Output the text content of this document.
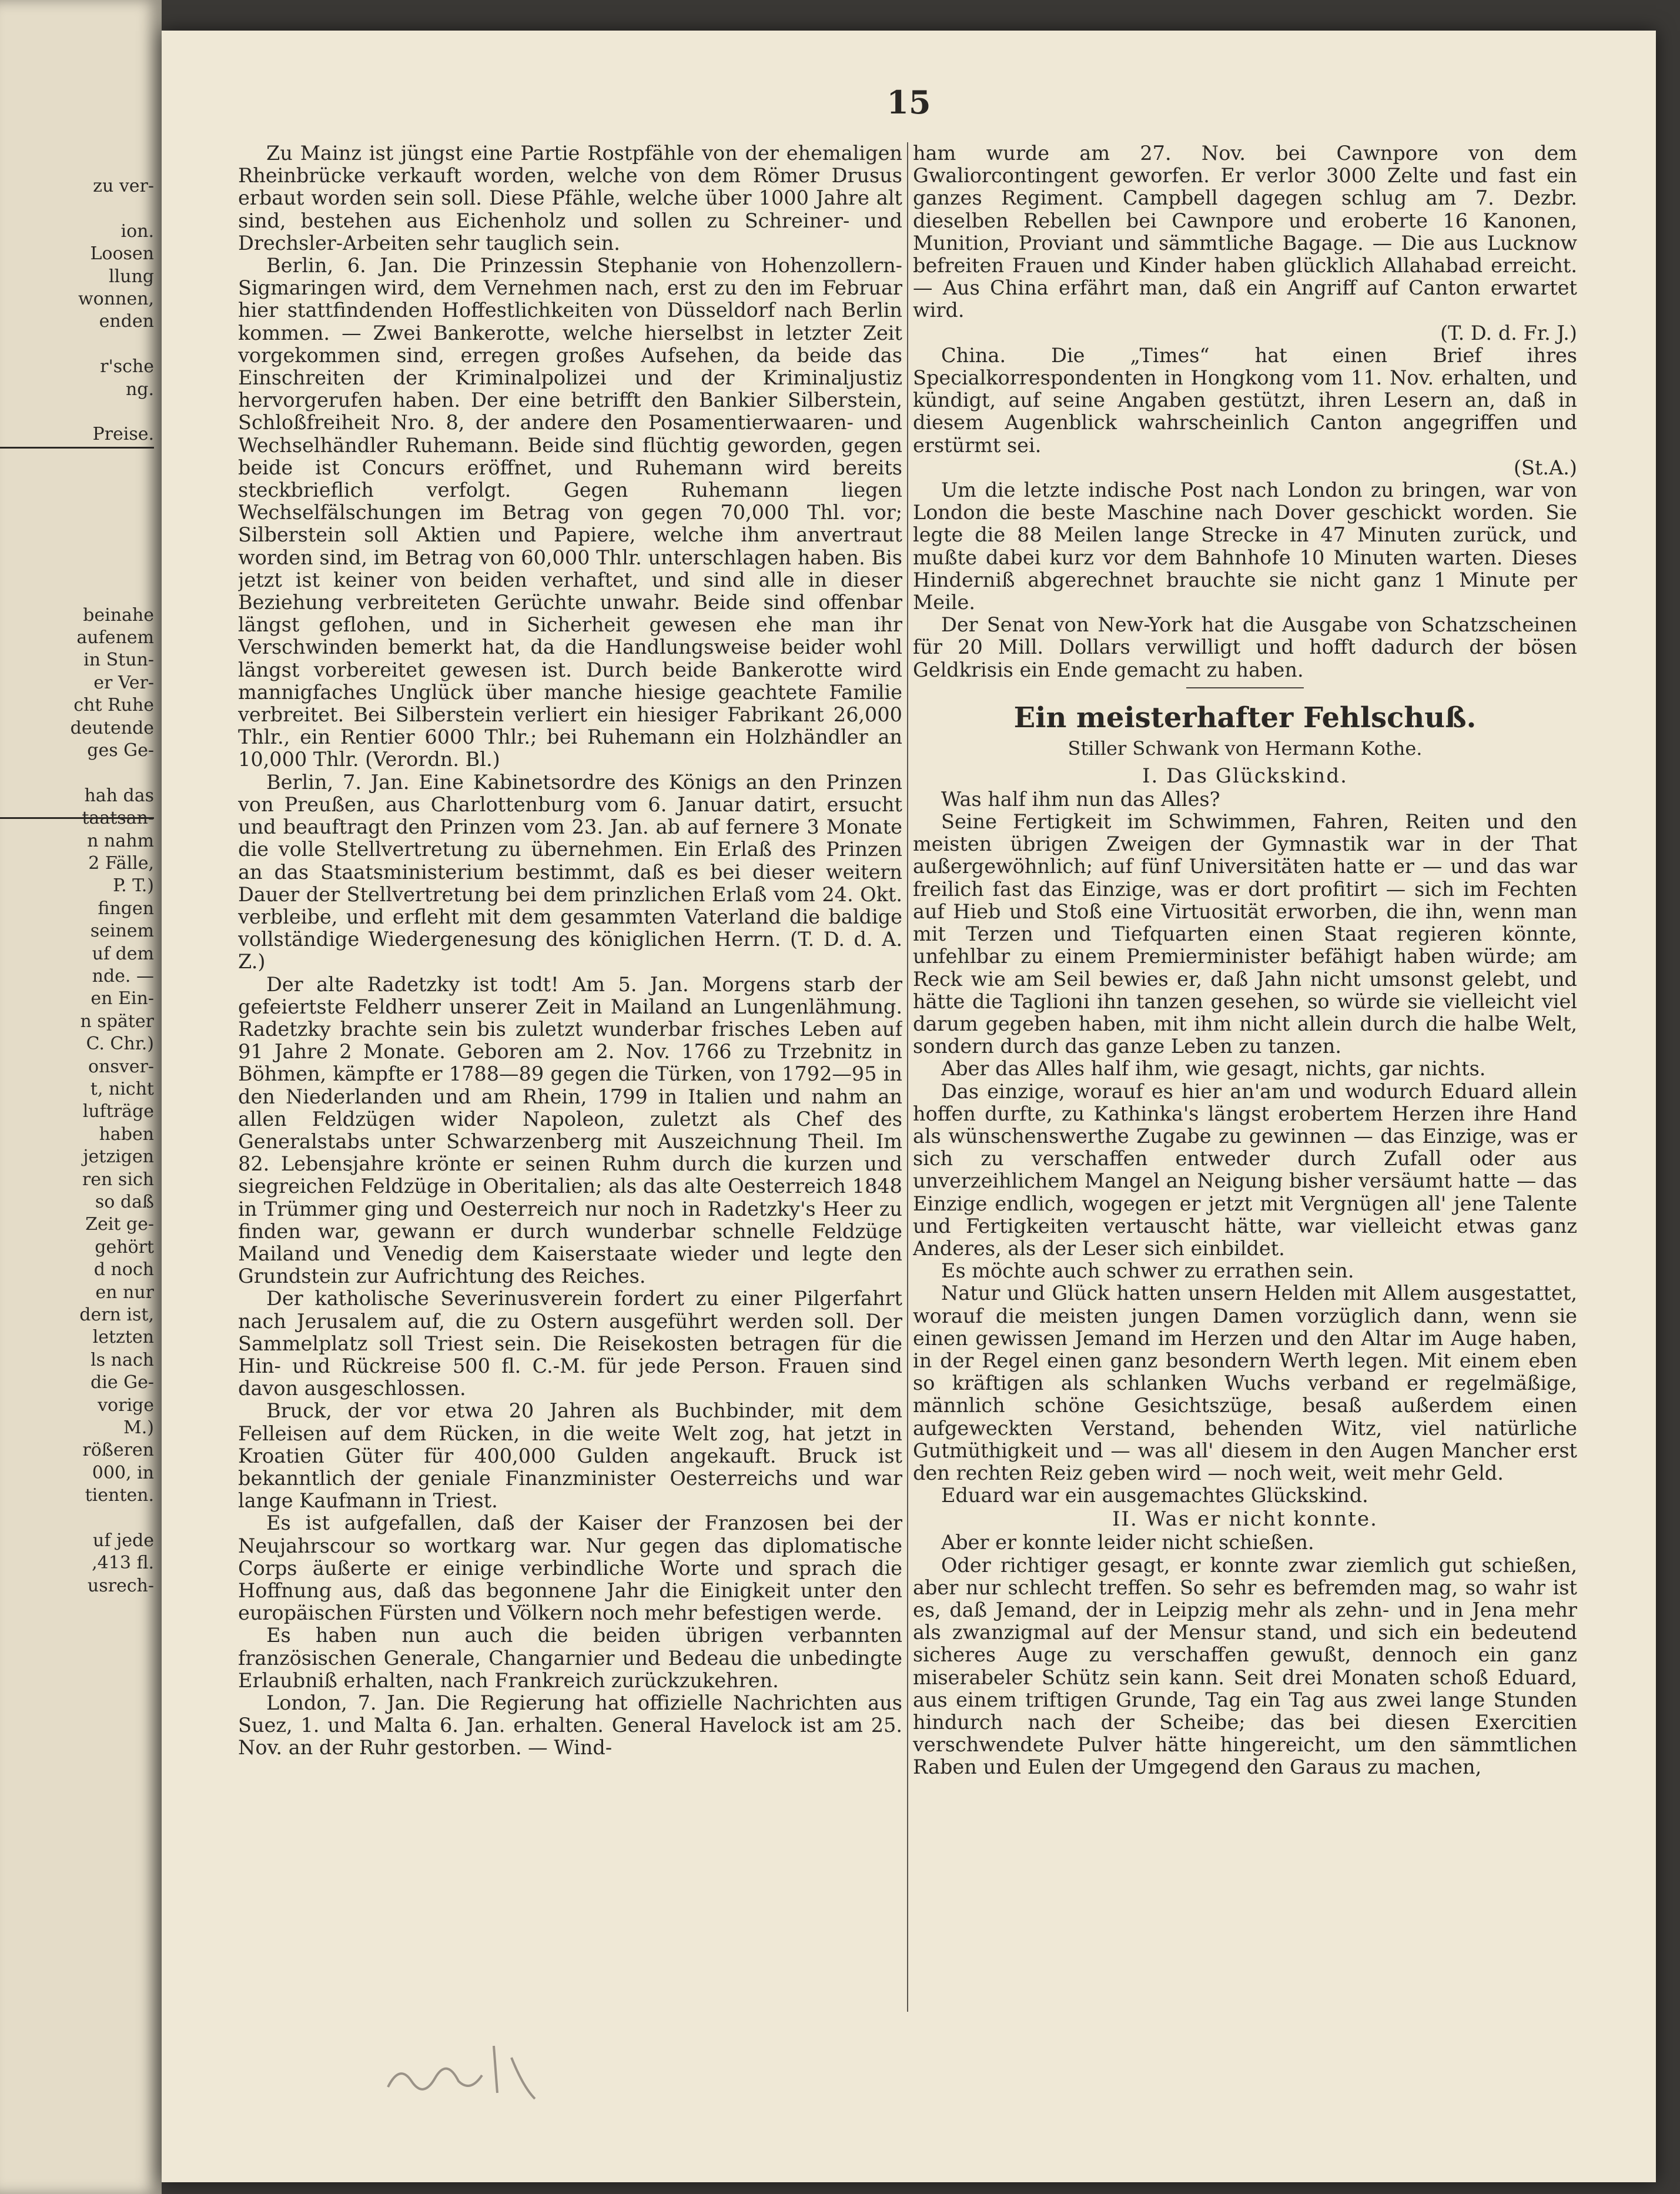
zu ver-
ion.
Loosen
llung
wonnen,
enden
r'sche
ng.
Preise.
beinahe
aufenem
in Stun-
er Ver-
cht Ruhe
deutende
ges Ge-
hah das
taatsan-
n nahm
2 Fälle,
P. T.)
fingen
seinem
uf dem
nde. —
en Ein-
n später
C. Chr.)
onsver-
t, nicht
lufträge
haben
jetzigen
ren sich
so daß
Zeit ge-
gehört
d noch
en nur
dern ist,
letzten
ls nach
die Ge-
vorige
M.)
rößeren
000, in
tienten.
uf jede
,413 fl.
usrech-
15

Zu Mainz ist jüngst eine Partie Rostpfähle von der ehemaligen Rheinbrücke verkauft worden, welche von dem Römer Drusus erbaut worden sein soll. Diese Pfähle, welche über 1000 Jahre alt sind, bestehen aus Eichenholz und sollen zu Schreiner- und Drechsler-Arbeiten sehr tauglich sein.

Berlin, 6. Jan. Die Prinzessin Stephanie von Hohenzollern-Sigmaringen wird, dem Vernehmen nach, erst zu den im Februar hier stattfindenden Hoffestlichkeiten von Düsseldorf nach Berlin kommen. — Zwei Bankerotte, welche hierselbst in letzter Zeit vorgekommen sind, erregen großes Aufsehen, da beide das Einschreiten der Kriminalpolizei und der Kriminaljustiz hervorgerufen haben. Der eine betrifft den Bankier Silberstein, Schloßfreiheit Nro. 8, der andere den Posamentierwaaren- und Wechselhändler Ruhemann. Beide sind flüchtig geworden, gegen beide ist Concurs eröffnet, und Ruhemann wird bereits steckbrieflich verfolgt. Gegen Ruhemann liegen Wechselfälschungen im Betrag von gegen 70,000 Thl. vor; Silberstein soll Aktien und Papiere, welche ihm anvertraut worden sind, im Betrag von 60,000 Thlr. unterschlagen haben. Bis jetzt ist keiner von beiden verhaftet, und sind alle in dieser Beziehung verbreiteten Gerüchte unwahr. Beide sind offenbar längst geflohen, und in Sicherheit gewesen ehe man ihr Verschwinden bemerkt hat, da die Handlungsweise beider wohl längst vorbereitet gewesen ist. Durch beide Bankerotte wird mannigfaches Unglück über manche hiesige geachtete Familie verbreitet. Bei Silberstein verliert ein hiesiger Fabrikant 26,000 Thlr., ein Rentier 6000 Thlr.; bei Ruhemann ein Holzhändler an 10,000 Thlr. (Verordn. Bl.)

Berlin, 7. Jan. Eine Kabinetsordre des Königs an den Prinzen von Preußen, aus Charlottenburg vom 6. Januar datirt, ersucht und beauftragt den Prinzen vom 23. Jan. ab auf fernere 3 Monate die volle Stellvertretung zu übernehmen. Ein Erlaß des Prinzen an das Staatsministerium bestimmt, daß es bei dieser weitern Dauer der Stellvertretung bei dem prinzlichen Erlaß vom 24. Okt. verbleibe, und erfleht mit dem gesammten Vaterland die baldige vollständige Wiedergenesung des königlichen Herrn. (T. D. d. A. Z.)

Der alte Radetzky ist todt! Am 5. Jan. Morgens starb der gefeiertste Feldherr unserer Zeit in Mailand an Lungenlähmung. Radetzky brachte sein bis zuletzt wunderbar frisches Leben auf 91 Jahre 2 Monate. Geboren am 2. Nov. 1766 zu Trzebnitz in Böhmen, kämpfte er 1788—89 gegen die Türken, von 1792—95 in den Niederlanden und am Rhein, 1799 in Italien und nahm an allen Feldzügen wider Napoleon, zuletzt als Chef des Generalstabs unter Schwarzenberg mit Auszeichnung Theil. Im 82. Lebensjahre krönte er seinen Ruhm durch die kurzen und siegreichen Feldzüge in Oberitalien; als das alte Oesterreich 1848 in Trümmer ging und Oesterreich nur noch in Radetzky's Heer zu finden war, gewann er durch wunderbar schnelle Feldzüge Mailand und Venedig dem Kaiserstaate wieder und legte den Grundstein zur Aufrichtung des Reiches.

Der katholische Severinusverein fordert zu einer Pilgerfahrt nach Jerusalem auf, die zu Ostern ausgeführt werden soll. Der Sammelplatz soll Triest sein. Die Reisekosten betragen für die Hin- und Rückreise 500 fl. C.-M. für jede Person. Frauen sind davon ausgeschlossen.

Bruck, der vor etwa 20 Jahren als Buchbinder, mit dem Felleisen auf dem Rücken, in die weite Welt zog, hat jetzt in Kroatien Güter für 400,000 Gulden angekauft. Bruck ist bekanntlich der geniale Finanzminister Oesterreichs und war lange Kaufmann in Triest.

Es ist aufgefallen, daß der Kaiser der Franzosen bei der Neujahrscour so wortkarg war. Nur gegen das diplomatische Corps äußerte er einige verbindliche Worte und sprach die Hoffnung aus, daß das begonnene Jahr die Einigkeit unter den europäischen Fürsten und Völkern noch mehr befestigen werde.

Es haben nun auch die beiden übrigen verbannten französischen Generale, Changarnier und Bedeau die unbedingte Erlaubniß erhalten, nach Frankreich zurückzukehren.

London, 7. Jan. Die Regierung hat offizielle Nachrichten aus Suez, 1. und Malta 6. Jan. erhalten. General Havelock ist am 25. Nov. an der Ruhr gestorben. — Wind-

ham wurde am 27. Nov. bei Cawnpore von dem Gwaliorcontingent geworfen. Er verlor 3000 Zelte und fast ein ganzes Regiment. Campbell dagegen schlug am 7. Dezbr. dieselben Rebellen bei Cawnpore und eroberte 16 Kanonen, Munition, Proviant und sämmtliche Bagage. — Die aus Lucknow befreiten Frauen und Kinder haben glücklich Allahabad erreicht. — Aus China erfährt man, daß ein Angriff auf Canton erwartet wird.

(T. D. d. Fr. J.)

China. Die „Times“ hat einen Brief ihres Specialkorrespondenten in Hongkong vom 11. Nov. erhalten, und kündigt, auf seine Angaben gestützt, ihren Lesern an, daß in diesem Augenblick wahrscheinlich Canton angegriffen und erstürmt sei.

(St.A.)

Um die letzte indische Post nach London zu bringen, war von London die beste Maschine nach Dover geschickt worden. Sie legte die 88 Meilen lange Strecke in 47 Minuten zurück, und mußte dabei kurz vor dem Bahnhofe 10 Minuten warten. Dieses Hinderniß abgerechnet brauchte sie nicht ganz 1 Minute per Meile.

Der Senat von New-York hat die Ausgabe von Schatzscheinen für 20 Mill. Dollars verwilligt und hofft dadurch der bösen Geldkrisis ein Ende gemacht zu haben.

Ein meisterhafter Fehlschuß.
Stiller Schwank von Hermann Kothe.
I. Das Glückskind.

Was half ihm nun das Alles?

Seine Fertigkeit im Schwimmen, Fahren, Reiten und den meisten übrigen Zweigen der Gymnastik war in der That außergewöhnlich; auf fünf Universitäten hatte er — und das war freilich fast das Einzige, was er dort profitirt — sich im Fechten auf Hieb und Stoß eine Virtuosität erworben, die ihn, wenn man mit Terzen und Tiefquarten einen Staat regieren könnte, unfehlbar zu einem Premierminister befähigt haben würde; am Reck wie am Seil bewies er, daß Jahn nicht umsonst gelebt, und hätte die Taglioni ihn tanzen gesehen, so würde sie vielleicht viel darum gegeben haben, mit ihm nicht allein durch die halbe Welt, sondern durch das ganze Leben zu tanzen.

Aber das Alles half ihm, wie gesagt, nichts, gar nichts.

Das einzige, worauf es hier an'am und wodurch Eduard allein hoffen durfte, zu Kathinka's längst erobertem Herzen ihre Hand als wünschenswerthe Zugabe zu gewinnen — das Einzige, was er sich zu verschaffen entweder durch Zufall oder aus unverzeihlichem Mangel an Neigung bisher versäumt hatte — das Einzige endlich, wogegen er jetzt mit Vergnügen all' jene Talente und Fertigkeiten vertauscht hätte, war vielleicht etwas ganz Anderes, als der Leser sich einbildet.

Es möchte auch schwer zu errathen sein.

Natur und Glück hatten unsern Helden mit Allem ausgestattet, worauf die meisten jungen Damen vorzüglich dann, wenn sie einen gewissen Jemand im Herzen und den Altar im Auge haben, in der Regel einen ganz besondern Werth legen. Mit einem eben so kräftigen als schlanken Wuchs verband er regelmäßige, männlich schöne Gesichtszüge, besaß außerdem einen aufgeweckten Verstand, behenden Witz, viel natürliche Gutmüthigkeit und — was all' diesem in den Augen Mancher erst den rechten Reiz geben wird — noch weit, weit mehr Geld.

Eduard war ein ausgemachtes Glückskind.

II. Was er nicht konnte.

Aber er konnte leider nicht schießen.

Oder richtiger gesagt, er konnte zwar ziemlich gut schießen, aber nur schlecht treffen. So sehr es befremden mag, so wahr ist es, daß Jemand, der in Leipzig mehr als zehn- und in Jena mehr als zwanzigmal auf der Mensur stand, und sich ein bedeutend sicheres Auge zu verschaffen gewußt, dennoch ein ganz miserabeler Schütz sein kann. Seit drei Monaten schoß Eduard, aus einem triftigen Grunde, Tag ein Tag aus zwei lange Stunden hindurch nach der Scheibe; das bei diesen Exercitien verschwendete Pulver hätte hingereicht, um den sämmtlichen Raben und Eulen der Umgegend den Garaus zu machen,
